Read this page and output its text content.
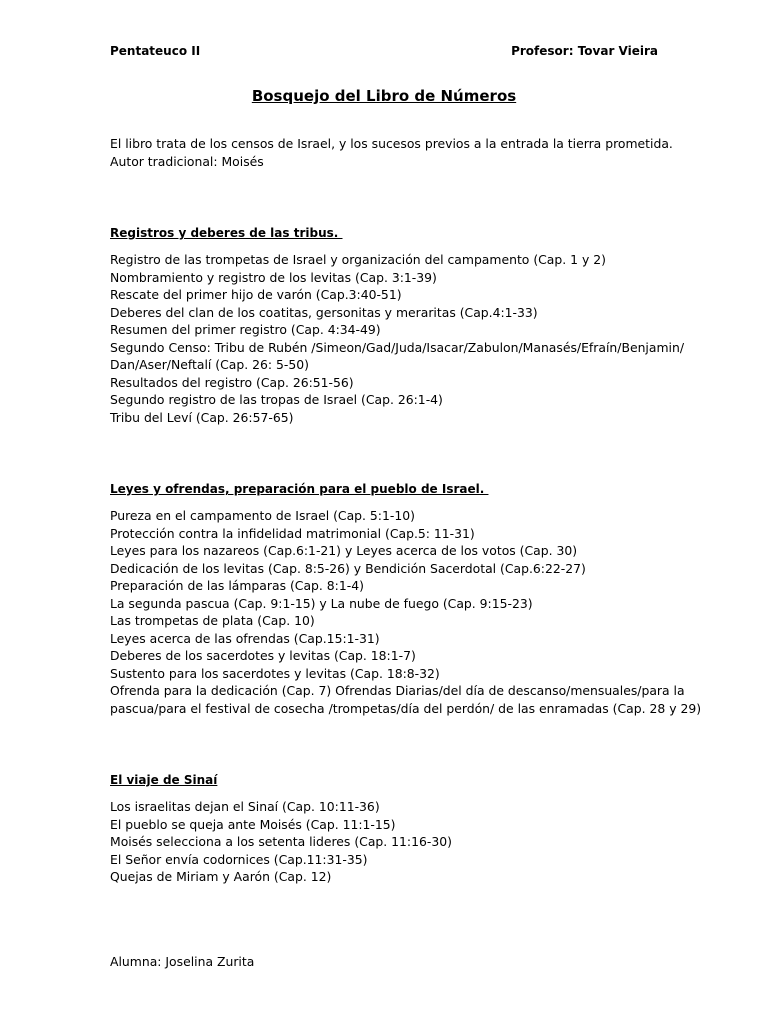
Pentateuco II	Profesor: Tovar Vieira
Bosquejo del Libro de Números
El libro trata de los censos de Israel, y los sucesos previos a la entrada la tierra prometida.
Autor tradicional: Moisés
Registros y deberes de las tribus.
Registro de las trompetas de Israel y organización del campamento (Cap. 1 y 2)
Nombramiento y registro de los levitas (Cap. 3:1-39)
Rescate del primer hijo de varón (Cap.3:40-51)
Deberes del clan de los coatitas, gersonitas y meraritas (Cap.4:1-33)
Resumen del primer registro (Cap. 4:34-49)
Segundo Censo: Tribu de Rubén /Simeon/Gad/Juda/Isacar/Zabulon/Manasés/Efraín/Benjamin/
Dan/Aser/Neftalí (Cap. 26: 5-50)
Resultados del registro (Cap. 26:51-56)
Segundo registro de las tropas de Israel (Cap. 26:1-4)
Tribu del Leví (Cap. 26:57-65)
Leyes y ofrendas, preparación para el pueblo de Israel.
Pureza en el campamento de Israel (Cap. 5:1-10)
Protección contra la infidelidad matrimonial (Cap.5: 11-31)
Leyes para los nazareos (Cap.6:1-21) y Leyes acerca de los votos (Cap. 30)
Dedicación de los levitas (Cap. 8:5-26) y Bendición Sacerdotal (Cap.6:22-27)
Preparación de las lámparas (Cap. 8:1-4)
La segunda pascua (Cap. 9:1-15) y La nube de fuego (Cap. 9:15-23)
Las trompetas de plata (Cap. 10)
Leyes acerca de las ofrendas (Cap.15:1-31)
Deberes de los sacerdotes y levitas (Cap. 18:1-7)
Sustento para los sacerdotes y levitas (Cap. 18:8-32)
Ofrenda para la dedicación (Cap. 7) Ofrendas Diarias/del día de descanso/mensuales/para la
pascua/para el festival de cosecha /trompetas/día del perdón/ de las enramadas (Cap. 28 y 29)
El viaje de Sinaí
Los israelitas dejan el Sinaí (Cap. 10:11-36)
El pueblo se queja ante Moisés (Cap. 11:1-15)
Moisés selecciona a los setenta lideres (Cap. 11:16-30)
El Señor envía codornices (Cap.11:31-35)
Quejas de Miriam y Aarón (Cap. 12)
Alumna: Joselina Zurita
